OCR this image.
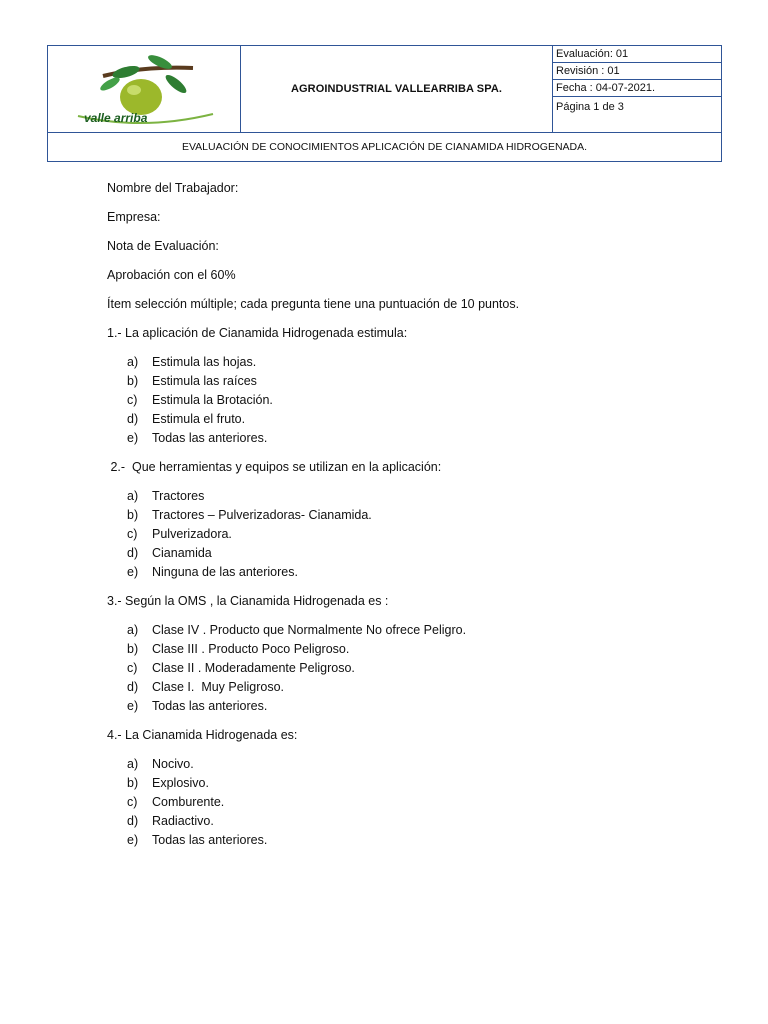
valle arriba
AGROINDUSTRIAL VALLEARRIBA SPA.
Evaluación: 01
Revisión : 01
Fecha : 04-07-2021.
Página 1 de 3
EVALUACIÓN DE CONOCIMIENTOS APLICACIÓN DE CIANAMIDA HIDROGENADA.
Nombre del Trabajador:
Empresa:
Nota de Evaluación:
Aprobación con el 60%
Ítem selección múltiple; cada pregunta tiene una puntuación de 10 puntos.
1.- La aplicación de Cianamida Hidrogenada estimula:
a)	Estimula las hojas.
b)	Estimula las raíces
c)	Estimula la Brotación.
d)	Estimula el fruto.
e)	Todas las anteriores.
2.-  Que herramientas y equipos se utilizan en la aplicación:
a)	Tractores
b)	Tractores – Pulverizadoras- Cianamida.
c)	Pulverizadora.
d)	Cianamida
e)	Ninguna de las anteriores.
3.- Según la OMS , la Cianamida Hidrogenada es :
a)	Clase IV . Producto que Normalmente No ofrece Peligro.
b)	Clase III . Producto Poco Peligroso.
c)	Clase II . Moderadamente Peligroso.
d)	Clase I.  Muy Peligroso.
e)	Todas las anteriores.
4.- La Cianamida Hidrogenada es:
a)	Nocivo.
b)	Explosivo.
c)	Comburente.
d)	Radiactivo.
e)	Todas las anteriores.
